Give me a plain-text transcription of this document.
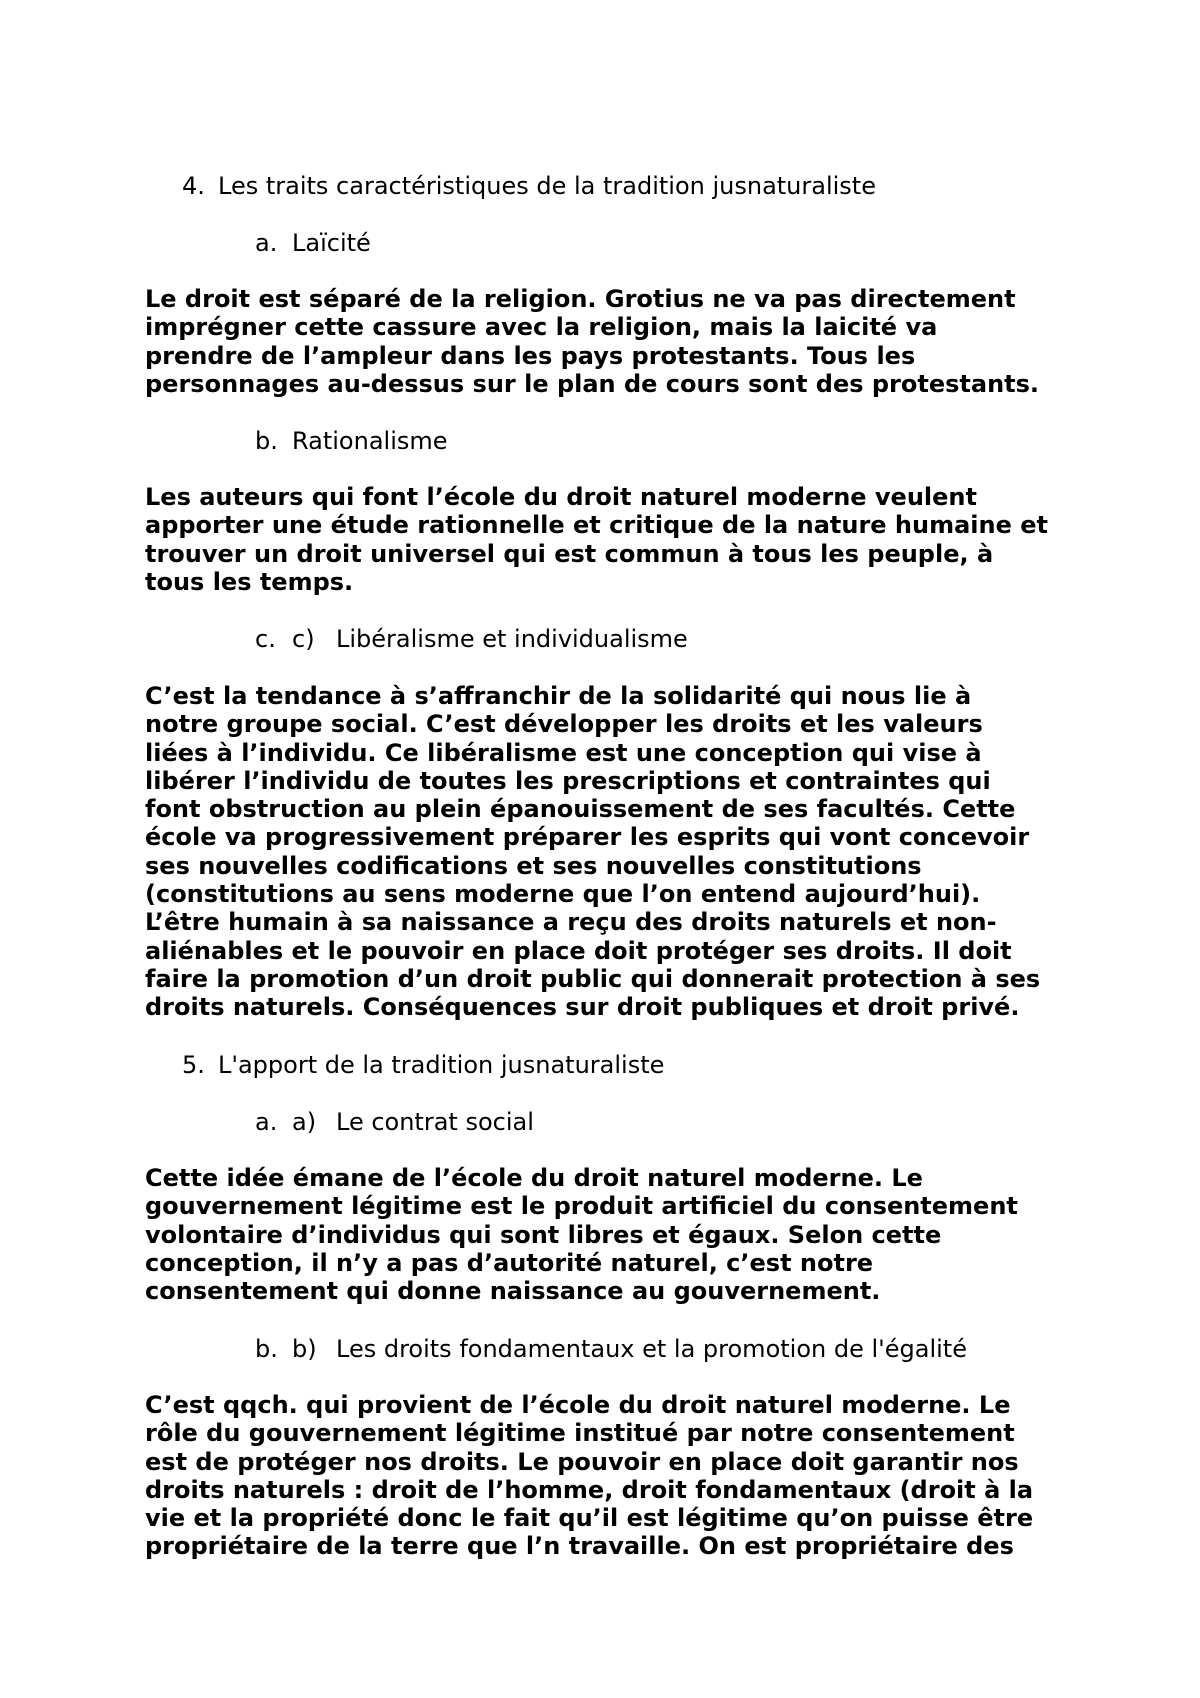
4. Les traits caractéristiques de la tradition jusnaturaliste
a. Laïcité
Le droit est séparé de la religion. Grotius ne va pas directement
imprégner cette cassure avec la religion, mais la laicité va
prendre de l’ampleur dans les pays protestants. Tous les
personnages au-dessus sur le plan de cours sont des protestants.
b. Rationalisme
Les auteurs qui font l’école du droit naturel moderne veulent
apporter une étude rationnelle et critique de la nature humaine et
trouver un droit universel qui est commun à tous les peuple, à
tous les temps.
c. c) Libéralisme et individualisme
C’est la tendance à s’affranchir de la solidarité qui nous lie à
notre groupe social. C’est développer les droits et les valeurs
liées à l’individu. Ce libéralisme est une conception qui vise à
libérer l’individu de toutes les prescriptions et contraintes qui
font obstruction au plein épanouissement de ses facultés. Cette
école va progressivement préparer les esprits qui vont concevoir
ses nouvelles codifications et ses nouvelles constitutions
(constitutions au sens moderne que l’on entend aujourd’hui).
L’être humain à sa naissance a reçu des droits naturels et non-
aliénables et le pouvoir en place doit protéger ses droits. Il doit
faire la promotion d’un droit public qui donnerait protection à ses
droits naturels. Conséquences sur droit publiques et droit privé.
5. L'apport de la tradition jusnaturaliste
a. a) Le contrat social
Cette idée émane de l’école du droit naturel moderne. Le
gouvernement légitime est le produit artificiel du consentement
volontaire d’individus qui sont libres et égaux. Selon cette
conception, il n’y a pas d’autorité naturel, c’est notre
consentement qui donne naissance au gouvernement.
b. b) Les droits fondamentaux et la promotion de l'égalité
C’est qqch. qui provient de l’école du droit naturel moderne. Le
rôle du gouvernement légitime institué par notre consentement
est de protéger nos droits. Le pouvoir en place doit garantir nos
droits naturels : droit de l’homme, droit fondamentaux (droit à la
vie et la propriété donc le fait qu’il est légitime qu’on puisse être
propriétaire de la terre que l’n travaille. On est propriétaire des
